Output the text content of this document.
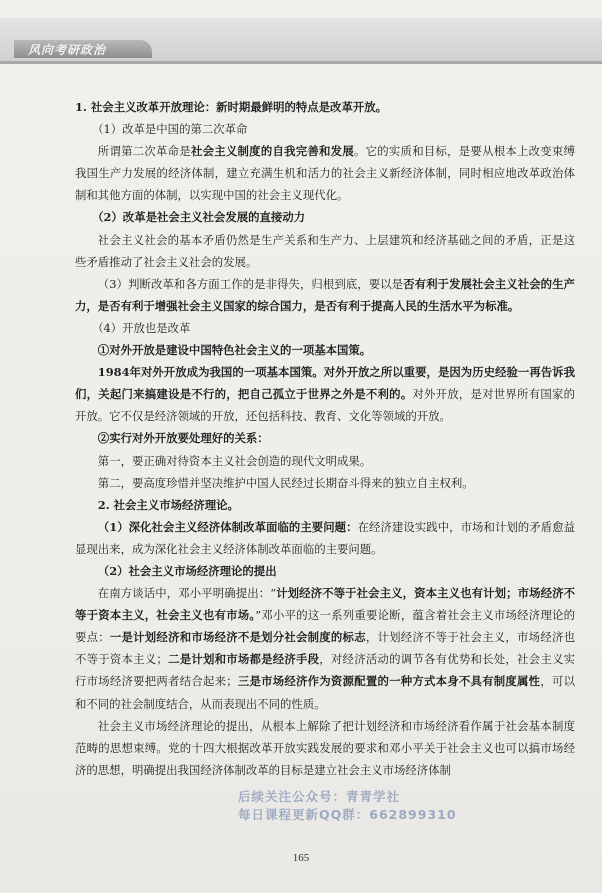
风向考研政治

1. 社会主义改革开放理论：新时期最鲜明的特点是改革开放。

（1）改革是中国的第二次革命

所谓第二次革命是社会主义制度的自我完善和发展。它的实质和目标，是要从根本上改变束缚我国生产力发展的经济体制，建立充满生机和活力的社会主义新经济体制，同时相应地改革政治体制和其他方面的体制，以实现中国的社会主义现代化。

（2）改革是社会主义社会发展的直接动力

社会主义社会的基本矛盾仍然是生产关系和生产力、上层建筑和经济基础之间的矛盾，正是这些矛盾推动了社会主义社会的发展。

（3）判断改革和各方面工作的是非得失，归根到底，要以是否有利于发展社会主义社会的生产力，是否有利于增强社会主义国家的综合国力，是否有利于提高人民的生活水平为标准。

（4）开放也是改革

①对外开放是建设中国特色社会主义的一项基本国策。

1984年对外开放成为我国的一项基本国策。对外开放之所以重要，是因为历史经验一再告诉我们，关起门来搞建设是不行的，把自己孤立于世界之外是不利的。对外开放，是对世界所有国家的开放。它不仅是经济领域的开放，还包括科技、教育、文化等领域的开放。

②实行对外开放要处理好的关系：

第一，要正确对待资本主义社会创造的现代文明成果。

第二，要高度珍惜并坚决维护中国人民经过长期奋斗得来的独立自主权利。

2. 社会主义市场经济理论。

（1）深化社会主义经济体制改革面临的主要问题：在经济建设实践中，市场和计划的矛盾愈益显现出来，成为深化社会主义经济体制改革面临的主要问题。

（2）社会主义市场经济理论的提出

在南方谈话中，邓小平明确提出：“计划经济不等于社会主义，资本主义也有计划；市场经济不等于资本主义，社会主义也有市场。”邓小平的这一系列重要论断，蕴含着社会主义市场经济理论的要点：一是计划经济和市场经济不是划分社会制度的标志，计划经济不等于社会主义，市场经济也不等于资本主义；二是计划和市场都是经济手段，对经济活动的调节各有优势和长处，社会主义实行市场经济要把两者结合起来；三是市场经济作为资源配置的一种方式本身不具有制度属性，可以和不同的社会制度结合，从而表现出不同的性质。

社会主义市场经济理论的提出，从根本上解除了把计划经济和市场经济看作属于社会基本制度范畴的思想束缚。党的十四大根据改革开放实践发展的要求和邓小平关于社会主义也可以搞市场经济的思想，明确提出我国经济体制改革的目标是建立社会主义市场经济体制

后续关注公众号：青青学社
每日课程更新QQ群：662899310
165
